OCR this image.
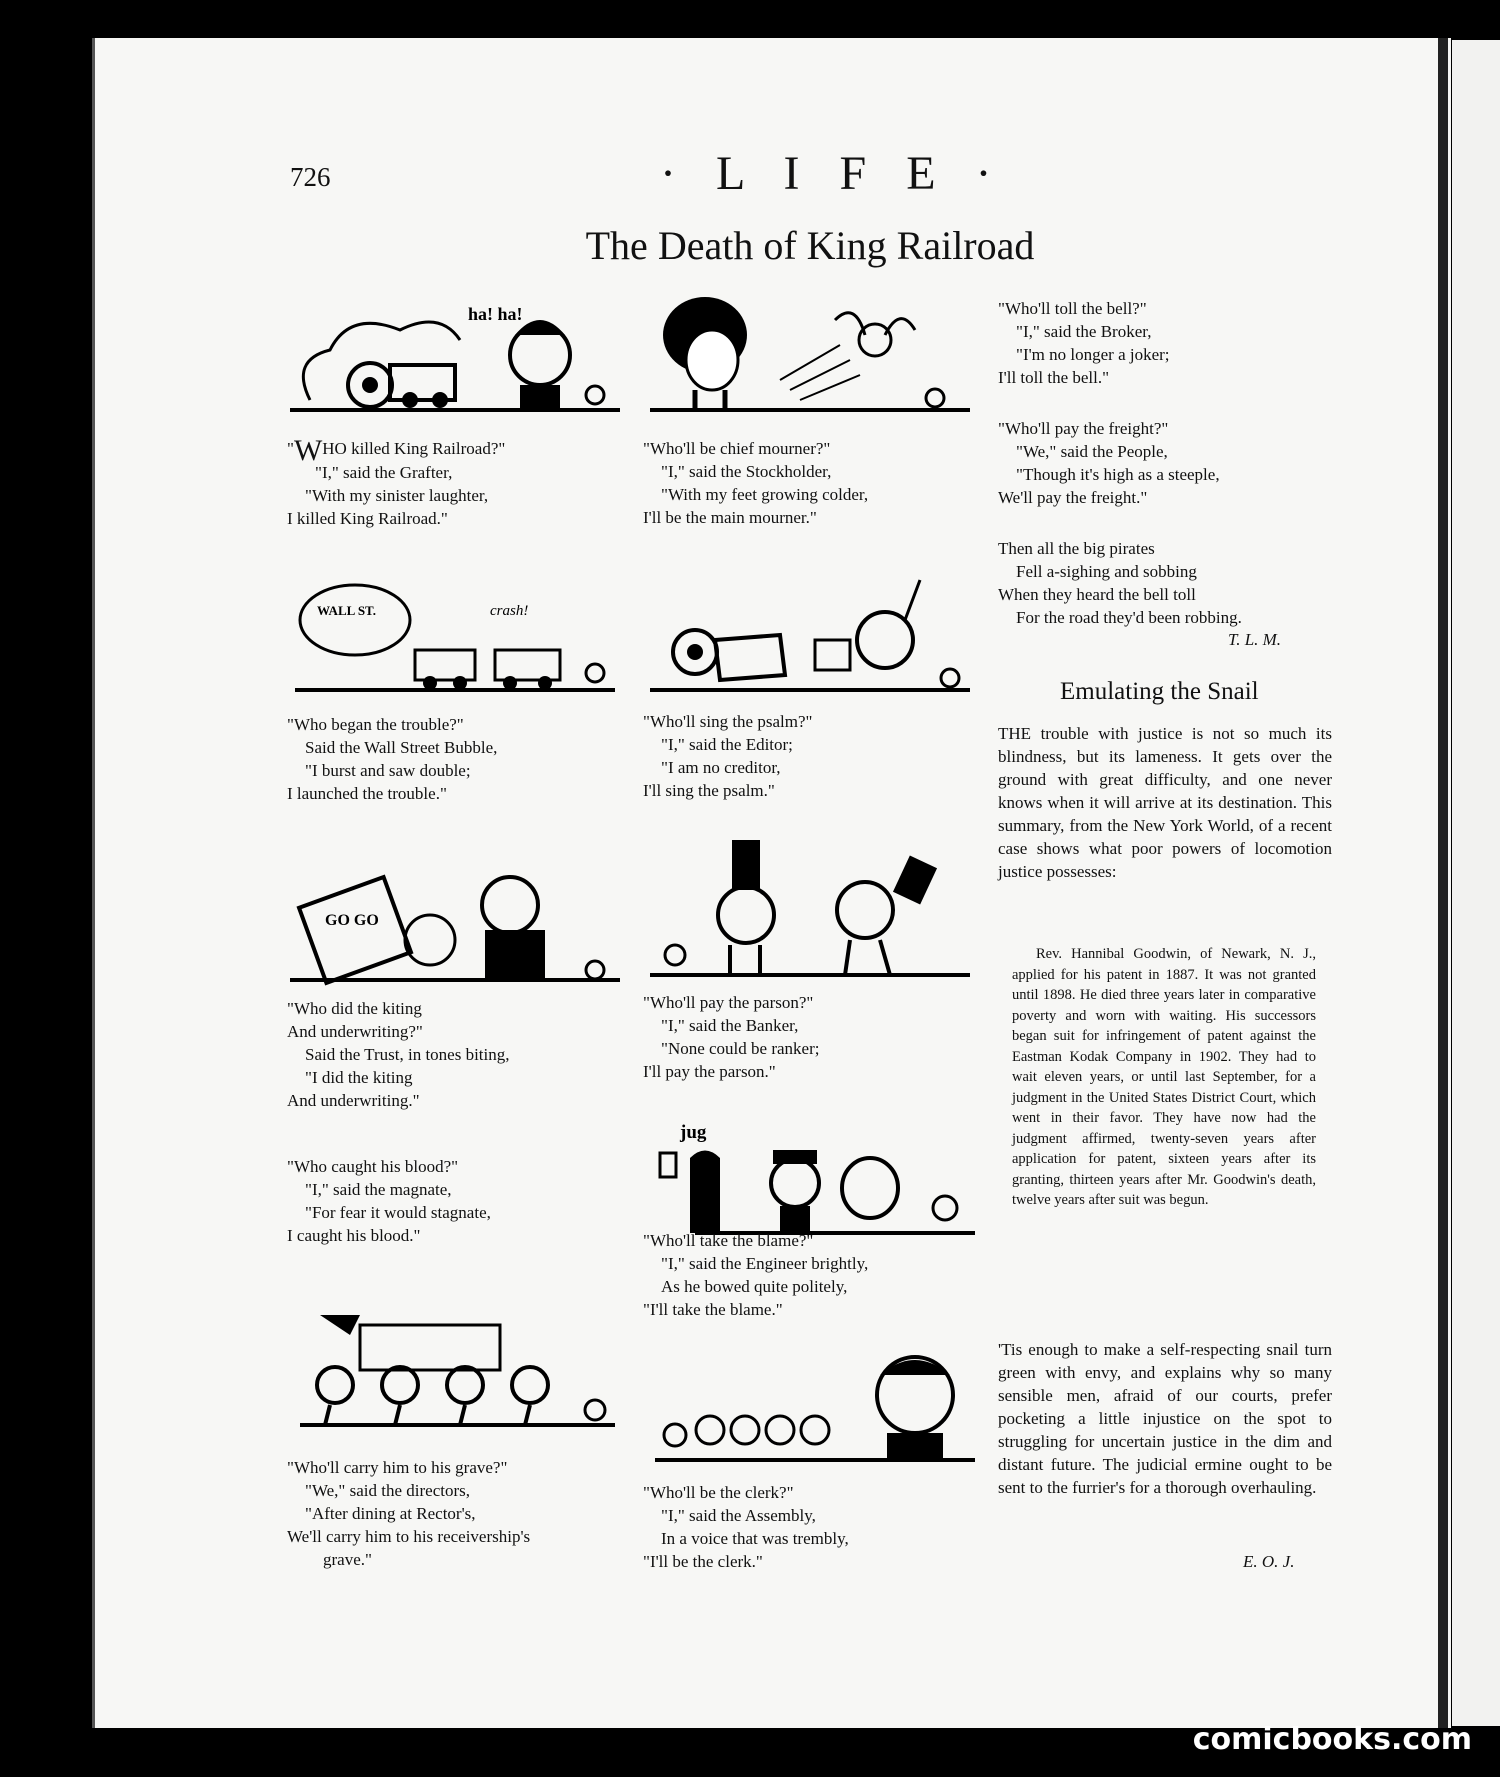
726	· L I F E ·
The Death of King Railroad
ha! ha!
WALL ST.	crash!
GO GO
jug
"WHO killed King Railroad?"
"I," said the Grafter,
"With my sinister laughter,
I killed King Railroad."
"Who'll be chief mourner?"
"I," said the Stockholder,
"With my feet growing colder,
I'll be the main mourner."
"Who began the trouble?"
Said the Wall Street Bubble,
"I burst and saw double;
I launched the trouble."
"Who'll sing the psalm?"
"I," said the Editor;
"I am no creditor,
I'll sing the psalm."
"Who did the kiting
And underwriting?"
Said the Trust, in tones biting,
"I did the kiting
And underwriting."
"Who'll pay the parson?"
"I," said the Banker,
"None could be ranker;
I'll pay the parson."
"Who caught his blood?"
"I," said the magnate,
"For fear it would stagnate,
I caught his blood."	"Who'll take the blame?"
"I," said the Engineer brightly,
As he bowed quite politely,
"I'll take the blame."
"Who'll carry him to his grave?"
"We," said the directors,
"After dining at Rector's,
We'll carry him to his receivership's
grave."
"Who'll be the clerk?"
"I," said the Assembly,
In a voice that was trembly,
"I'll be the clerk."
"Who'll toll the bell?"
"I," said the Broker,
"I'm no longer a joker;
I'll toll the bell."
"Who'll pay the freight?"
"We," said the People,
"Though it's high as a steeple,
We'll pay the freight."
Then all the big pirates
Fell a-sighing and sobbing
When they heard the bell toll
For the road they'd been robbing.
T. L. M.
Emulating the Snail

THE trouble with justice is not so much its blindness, but its lameness. It gets over the ground with great difficulty, and one never knows when it will arrive at its destination. This summary, from the New York World, of a recent case shows what poor powers of locomotion justice possesses:

Rev. Hannibal Goodwin, of Newark, N. J., applied for his patent in 1887. It was not granted until 1898. He died three years later in comparative poverty and worn with waiting. His successors began suit for infringement of patent against the Eastman Kodak Company in 1902. They had to wait eleven years, or until last September, for a judgment in the United States District Court, which went in their favor. They have now had the judgment affirmed, twenty-seven years after application for patent, sixteen years after its granting, thirteen years after Mr. Goodwin's death, twelve years after suit was begun.

'Tis enough to make a self-respecting snail turn green with envy, and explains why so many sensible men, afraid of our courts, prefer pocketing a little injustice on the spot to struggling for uncertain justice in the dim and distant future. The judicial ermine ought to be sent to the furrier's for a thorough overhauling.

E. O. J.
comicbooks.com
